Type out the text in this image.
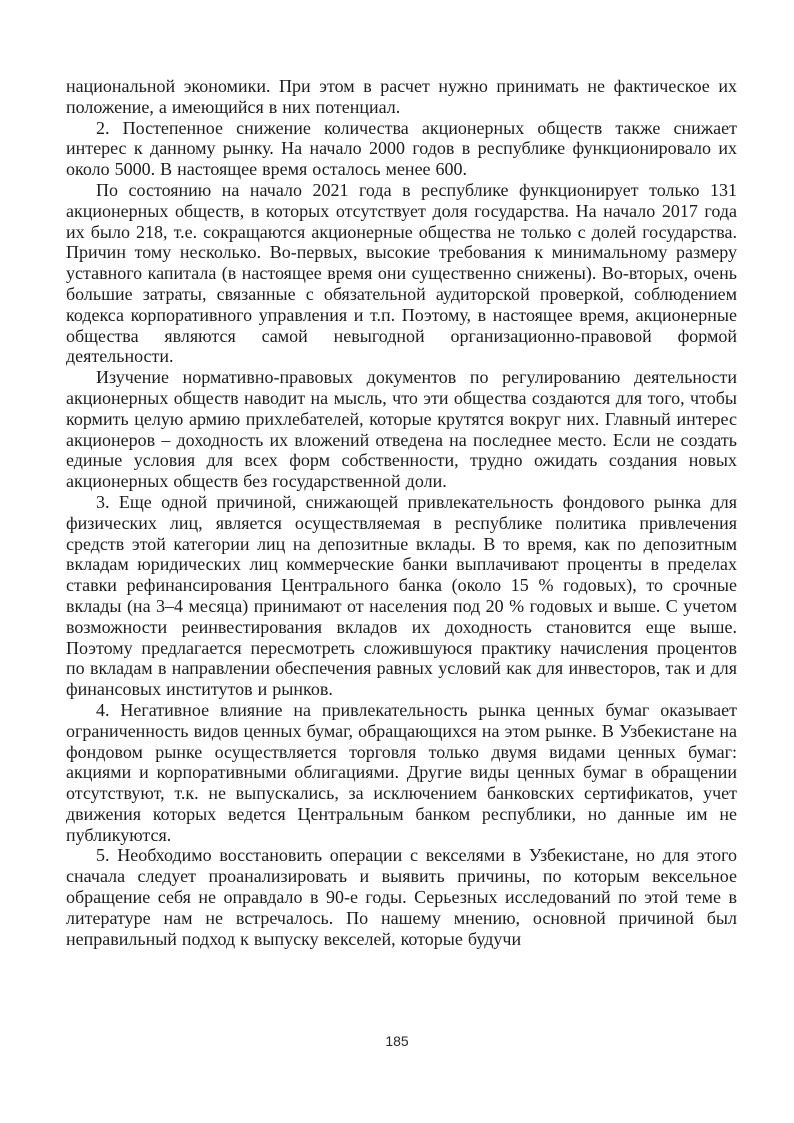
национальной экономики. При этом в расчет нужно принимать не фактическое их положение, а имеющийся в них потенциал.

2. Постепенное снижение количества акционерных обществ также снижает интерес к данному рынку. На начало 2000 годов в республике функционировало их около 5000. В настоящее время осталось менее 600.

По состоянию на начало 2021 года в республике функционирует только 131 акционерных обществ, в которых отсутствует доля государства. На начало 2017 года их было 218, т.е. сокращаются акционерные общества не только с долей государства. Причин тому несколько. Во-первых, высокие требования к минимальному размеру уставного капитала (в настоящее время они существенно снижены). Во-вторых, очень большие затраты, связанные с обязательной аудиторской проверкой, соблюдением кодекса корпоративного управления и т.п. Поэтому, в настоящее время, акционерные общества являются самой невыгодной организационно-правовой формой деятельности.

Изучение нормативно-правовых документов по регулированию деятельности акционерных обществ наводит на мысль, что эти общества создаются для того, чтобы кормить целую армию прихлебателей, которые крутятся вокруг них. Главный интерес акционеров – доходность их вложений отведена на последнее место. Если не создать единые условия для всех форм собственности, трудно ожидать создания новых акционерных обществ без государственной доли.

3. Еще одной причиной, снижающей привлекательность фондового рынка для физических лиц, является осуществляемая в республике политика привлечения средств этой категории лиц на депозитные вклады. В то время, как по депозитным вкладам юридических лиц коммерческие банки выплачивают проценты в пределах ставки рефинансирования Центрального банка (около 15 % годовых), то срочные вклады (на 3–4 месяца) принимают от населения под 20 % годовых и выше. С учетом возможности реинвестирования вкладов их доходность становится еще выше. Поэтому предлагается пересмотреть сложившуюся практику начисления процентов по вкладам в направлении обеспечения равных условий как для инвесторов, так и для финансовых институтов и рынков.

4. Негативное влияние на привлекательность рынка ценных бумаг оказывает ограниченность видов ценных бумаг, обращающихся на этом рынке. В Узбекистане на фондовом рынке осуществляется торговля только двумя видами ценных бумаг: акциями и корпоративными облигациями. Другие виды ценных бумаг в обращении отсутствуют, т.к. не выпускались, за исключением банковских сертификатов, учет движения которых ведется Центральным банком республики, но данные им не публикуются.

5. Необходимо восстановить операции с векселями в Узбекистане, но для этого сначала следует проанализировать и выявить причины, по которым вексельное обращение себя не оправдало в 90-е годы. Серьезных исследований по этой теме в литературе нам не встречалось. По нашему мнению, основной причиной был неправильный подход к выпуску векселей, которые будучи

185
